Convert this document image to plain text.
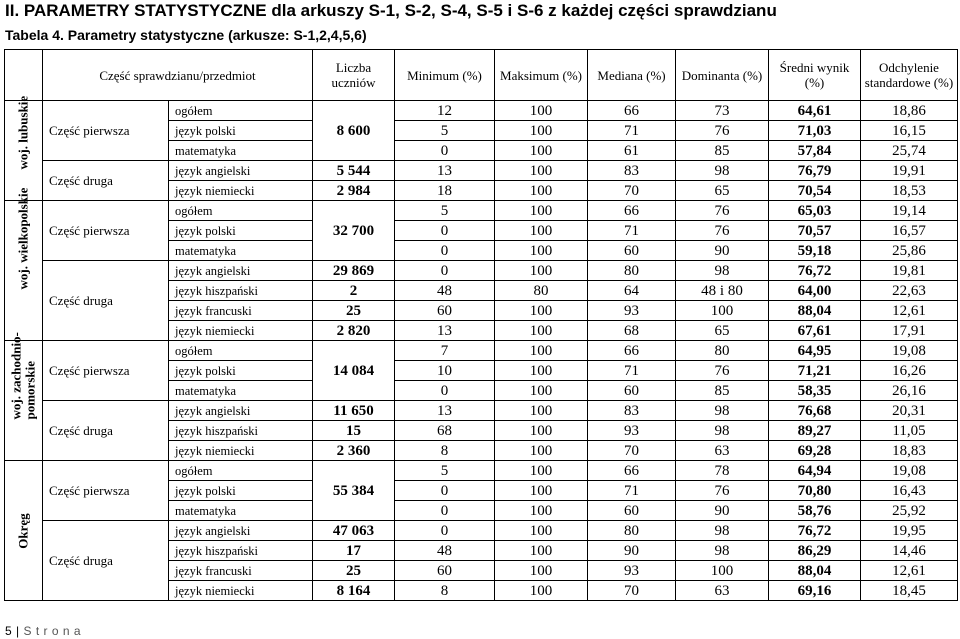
II. PARAMETRY STATYSTYCZNE dla arkuszy S-1, S-2, S-4, S-5 i S-6 z każdej części sprawdzianu
Tabela 4. Parametry statystyczne (arkusze: S-1,2,4,5,6)
	Część sprawdzianu/przedmiot		Liczba uczniów	Minimum (%)	Maksimum (%)	Mediana (%)	Dominanta (%)	Średni wynik (%)	Odchylenie standardowe (%)

woj. lubuskie	Część pierwsza	ogółem	8 600	12	100	66	73	64,61	18,86
		język polski		5	100	71	76	71,03	16,15
		matematyka		0	100	61	85	57,84	25,74
	Część druga	język angielski	5 544	13	100	83	98	76,79	19,91
		język niemiecki	2 984	18	100	70	65	70,54	18,53

woj. wielkopolskie	Część pierwsza	ogółem	32 700	5	100	66	76	65,03	19,14
		język polski		0	100	71	76	70,57	16,57
		matematyka		0	100	60	90	59,18	25,86
	Część druga	język angielski	29 869	0	100	80	98	76,72	19,81
		język hiszpański	2	48	80	64	48 i 80	64,00	22,63
		język francuski	25	60	100	93	100	88,04	12,61
		język niemiecki	2 820	13	100	68	65	67,61	17,91

woj. zachodnio- pomorskie	Część pierwsza	ogółem	14 084	7	100	66	80	64,95	19,08
		język polski		10	100	71	76	71,21	16,26
		matematyka		0	100	60	85	58,35	26,16
	Część druga	język angielski	11 650	13	100	83	98	76,68	20,31
		język hiszpański	15	68	100	93	98	89,27	11,05
		język niemiecki	2 360	8	100	70	63	69,28	18,83

Okręg	Część pierwsza	ogółem	55 384	5	100	66	78	64,94	19,08
		język polski		0	100	71	76	70,80	16,43
		matematyka		0	100	60	90	58,76	25,92
	Część druga	język angielski	47 063	0	100	80	98	76,72	19,95
		język hiszpański	17	48	100	90	98	86,29	14,46
		język francuski	25	60	100	93	100	88,04	12,61
		język niemiecki	8 164	8	100	70	63	69,16	18,45
5 | S t r o n a
